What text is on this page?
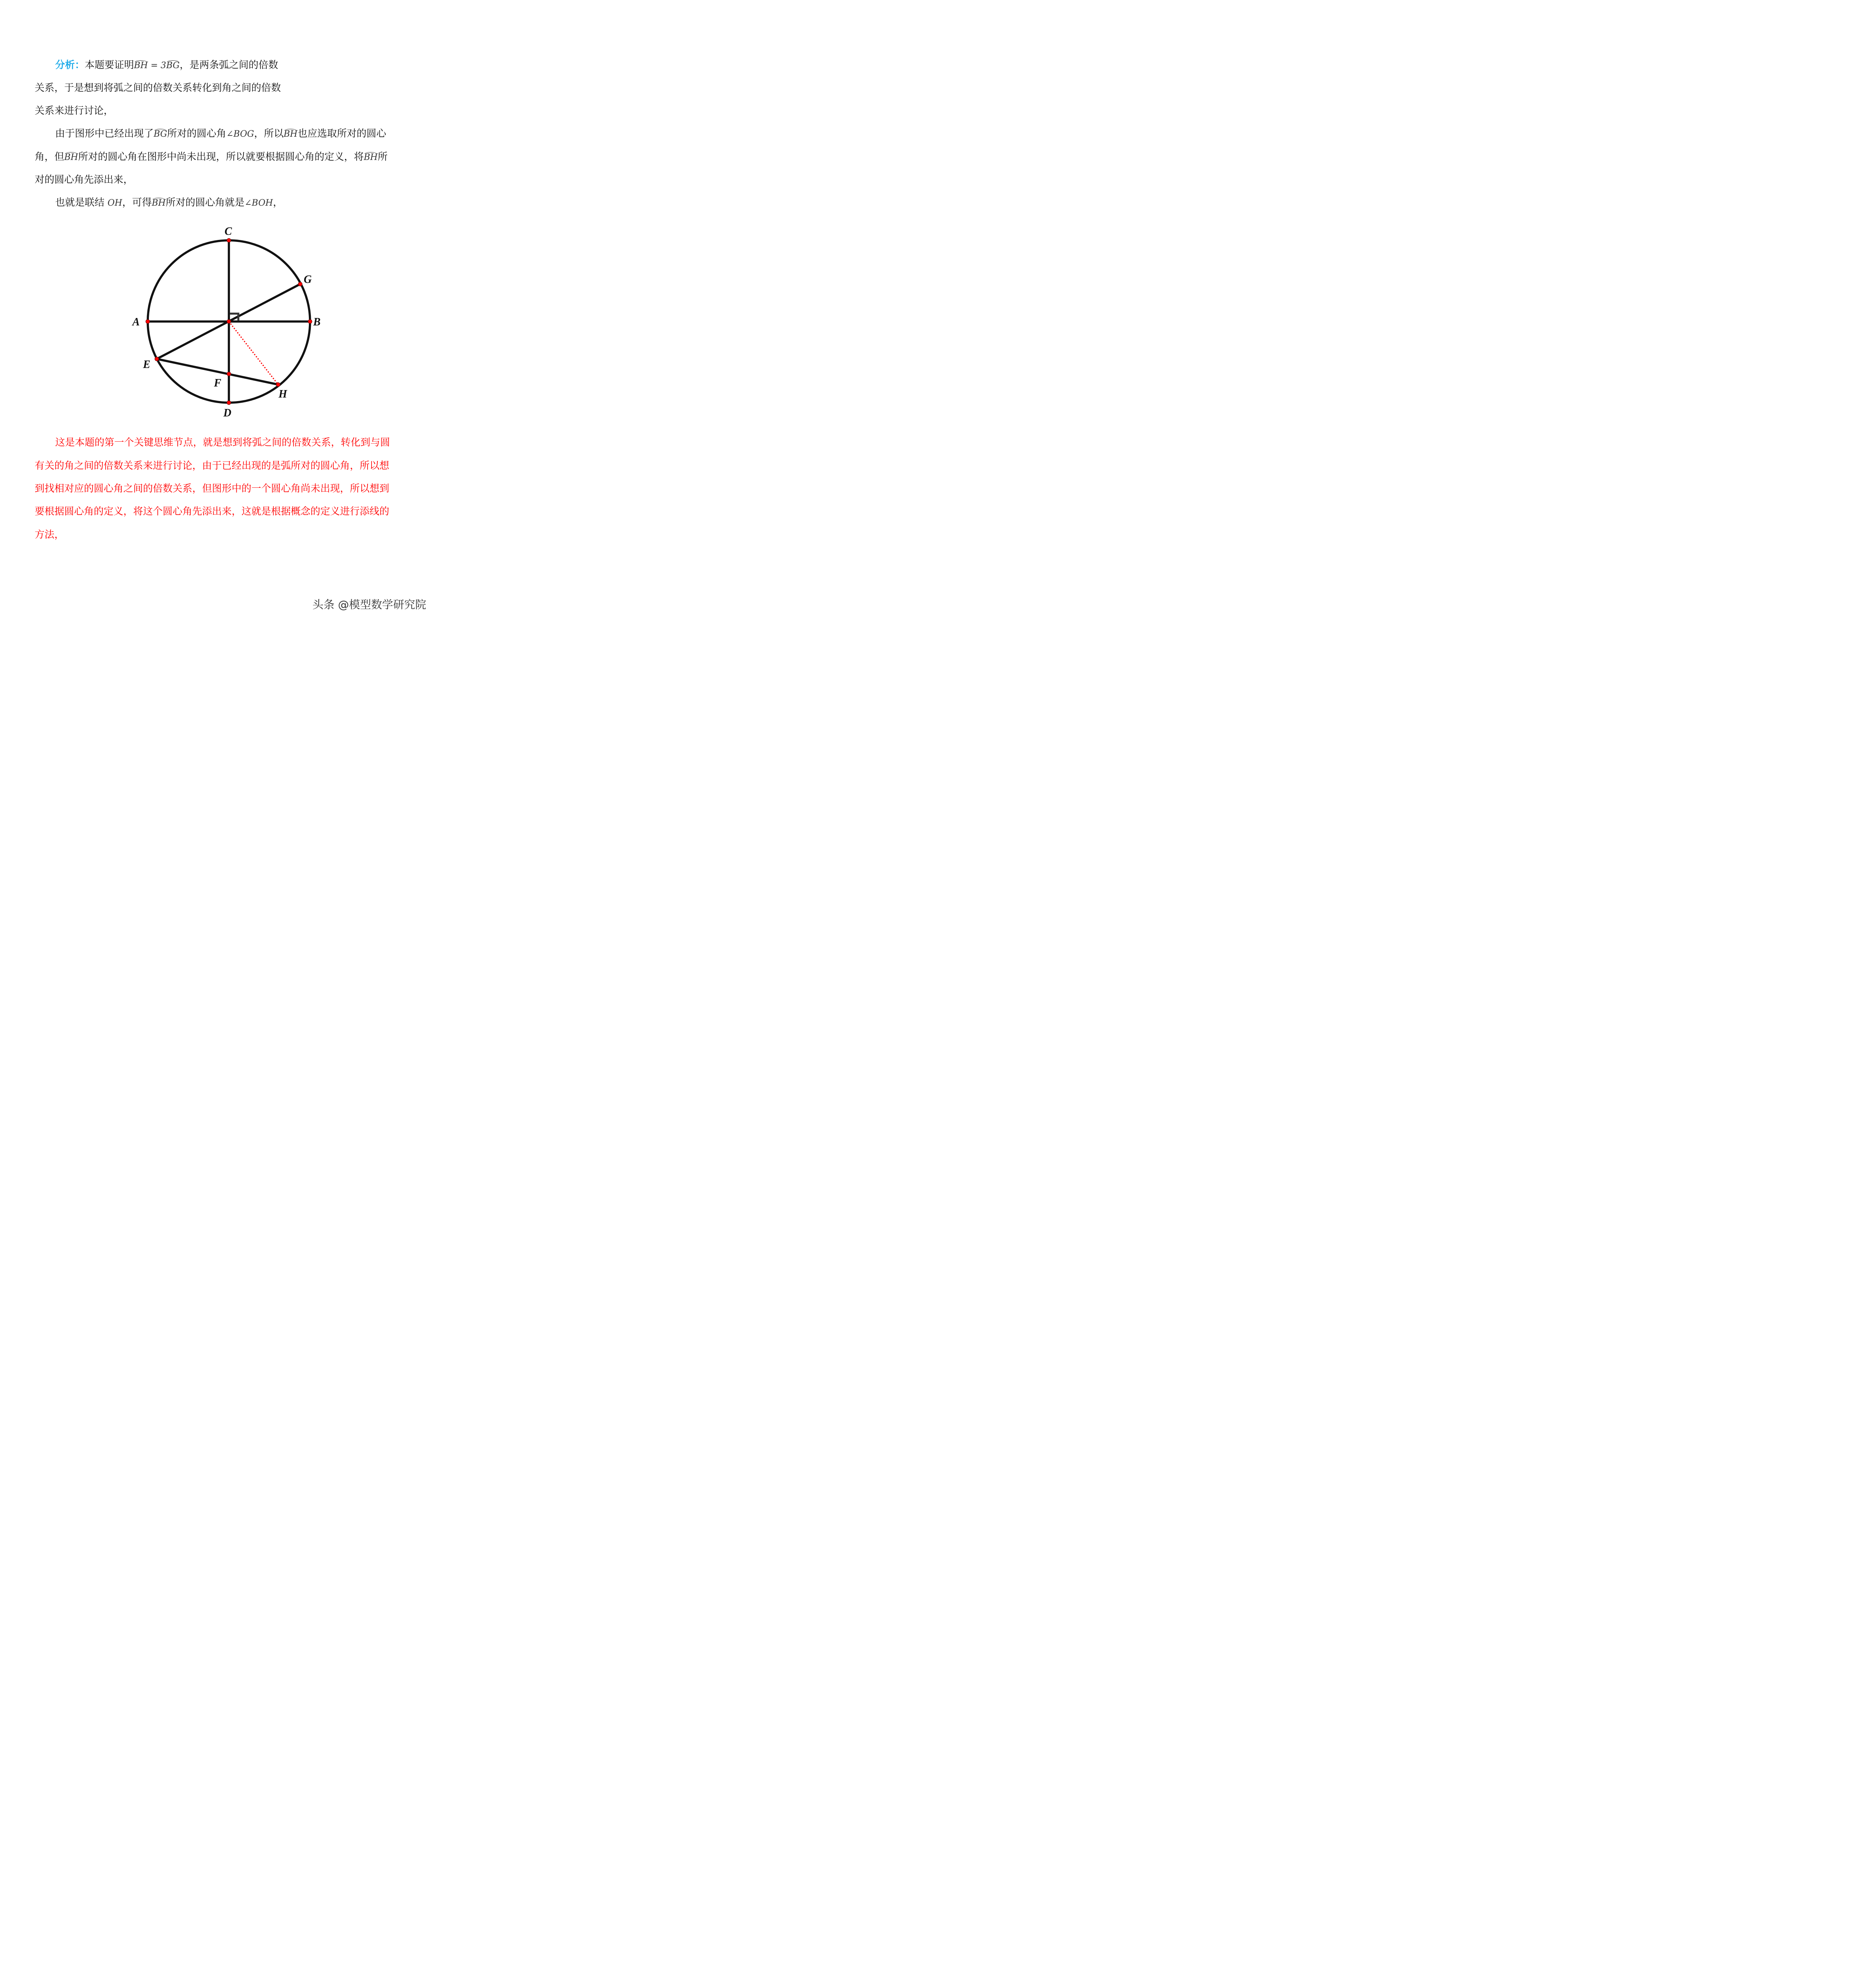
分析：本题要证明BH = 3BG，是两条弧之间的倍数
关系，于是想到将弧之间的倍数关系转化到角之间的倍数
关系来进行讨论，
由于图形中已经出现了BG所对的圆心角∠BOG，所以BH也应选取所对的圆心
角，但BH所对的圆心角在图形中尚未出现，所以就要根据圆心角的定义，将BH所
对的圆心角先添出来，
也就是联结 OH，可得BH所对的圆心角就是∠BOH，
C
G
A	B
E
F
H
D
这是本题的第一个关键思维节点，就是想到将弧之间的倍数关系，转化到与圆
有关的角之间的倍数关系来进行讨论，由于已经出现的是弧所对的圆心角，所以想
到找相对应的圆心角之间的倍数关系，但图形中的一个圆心角尚未出现，所以想到
要根据圆心角的定义，将这个圆心角先添出来，这就是根据概念的定义进行添线的
方法，
头条 @模型数学研究院
